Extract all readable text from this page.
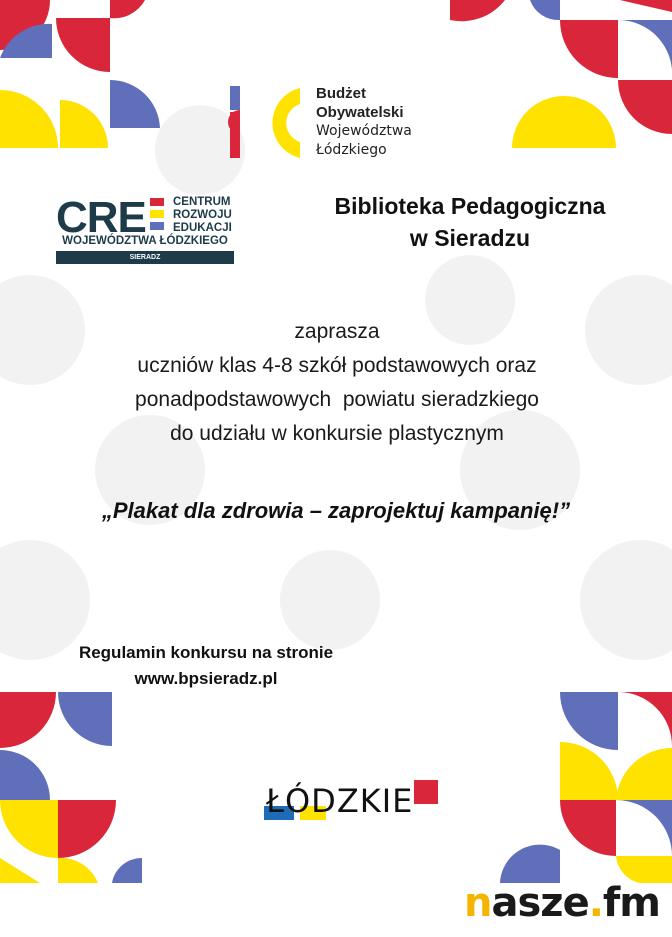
Budżet
Obywatelski
Województwa
Łódzkiego
CRE CENTRUM
ROZWOJU
EDUKACJI
WOJEWÓDZTWA ŁÓDZKIEGO
SIERADZ
Biblioteka Pedagogiczna
w Sieradzu
zaprasza
uczniów klas 4-8 szkół podstawowych oraz
ponadpodstawowych  powiatu sieradzkiego
do udziału w konkursie plastycznym
„Plakat dla zdrowia – zaprojektuj kampanię!”
Regulamin konkursu na stronie
www.bpsieradz.pl
ŁÓDZKIE
nasze.fm
